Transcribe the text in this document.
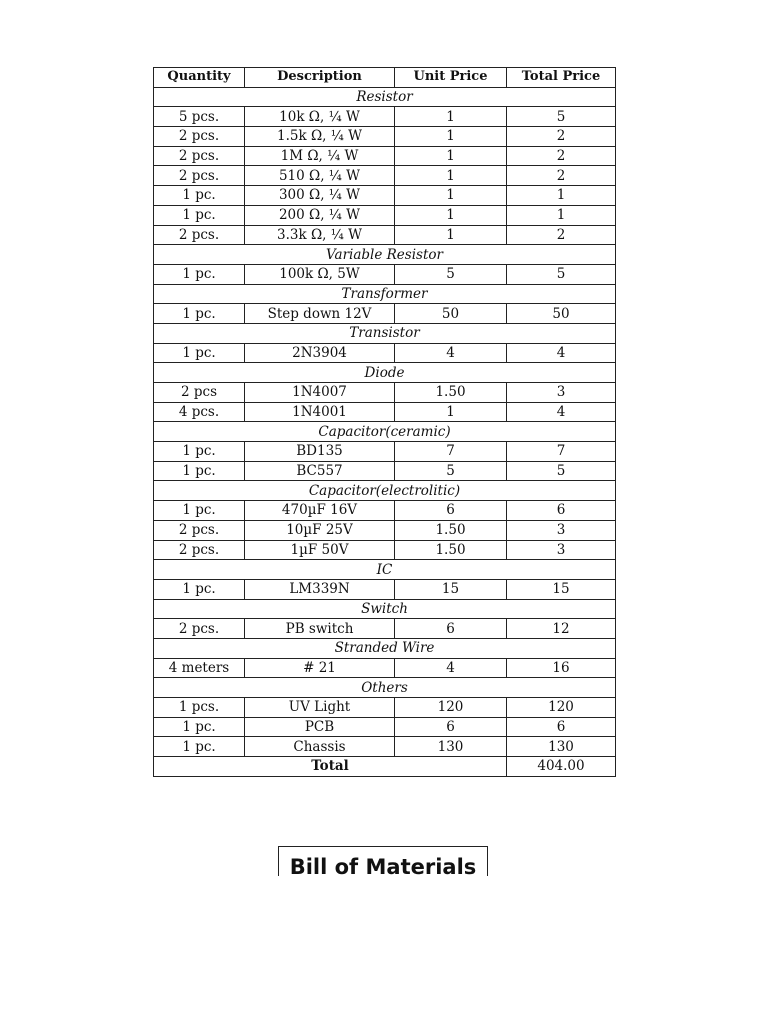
Quantity	Description	Unit Price	Total Price
Resistor			
5 pcs.	10k Ω, ¼ W	1	5
2 pcs.	1.5k Ω, ¼ W	1	2
2 pcs.	1M Ω, ¼ W	1	2
2 pcs.	510 Ω, ¼ W	1	2
1 pc.	300 Ω, ¼ W	1	1
1 pc.	200 Ω, ¼ W	1	1
2 pcs.	3.3k Ω, ¼ W	1	2
Variable Resistor			
1 pc.	100k Ω, 5W	5	5
Transformer			
1 pc.	Step down 12V	50	50
Transistor			
1 pc.	2N3904	4	4
Diode			
2 pcs	1N4007	1.50	3
4 pcs.	1N4001	1	4
Capacitor(ceramic)			
1 pc.	BD135	7	7
1 pc.	BC557	5	5
Capacitor(electrolitic)			
1 pc.	470µF 16V	6	6
2 pcs.	10µF 25V	1.50	3
2 pcs.	1µF 50V	1.50	3
IC			
1 pc.	LM339N	15	15
Switch			
2 pcs.	PB switch	6	12
Stranded Wire			
4 meters	# 21	4	16
Others			
1 pcs.	UV Light	120	120
1 pc.	PCB	6	6
1 pc.	Chassis	130	130
Total			404.00
Bill of Materials
